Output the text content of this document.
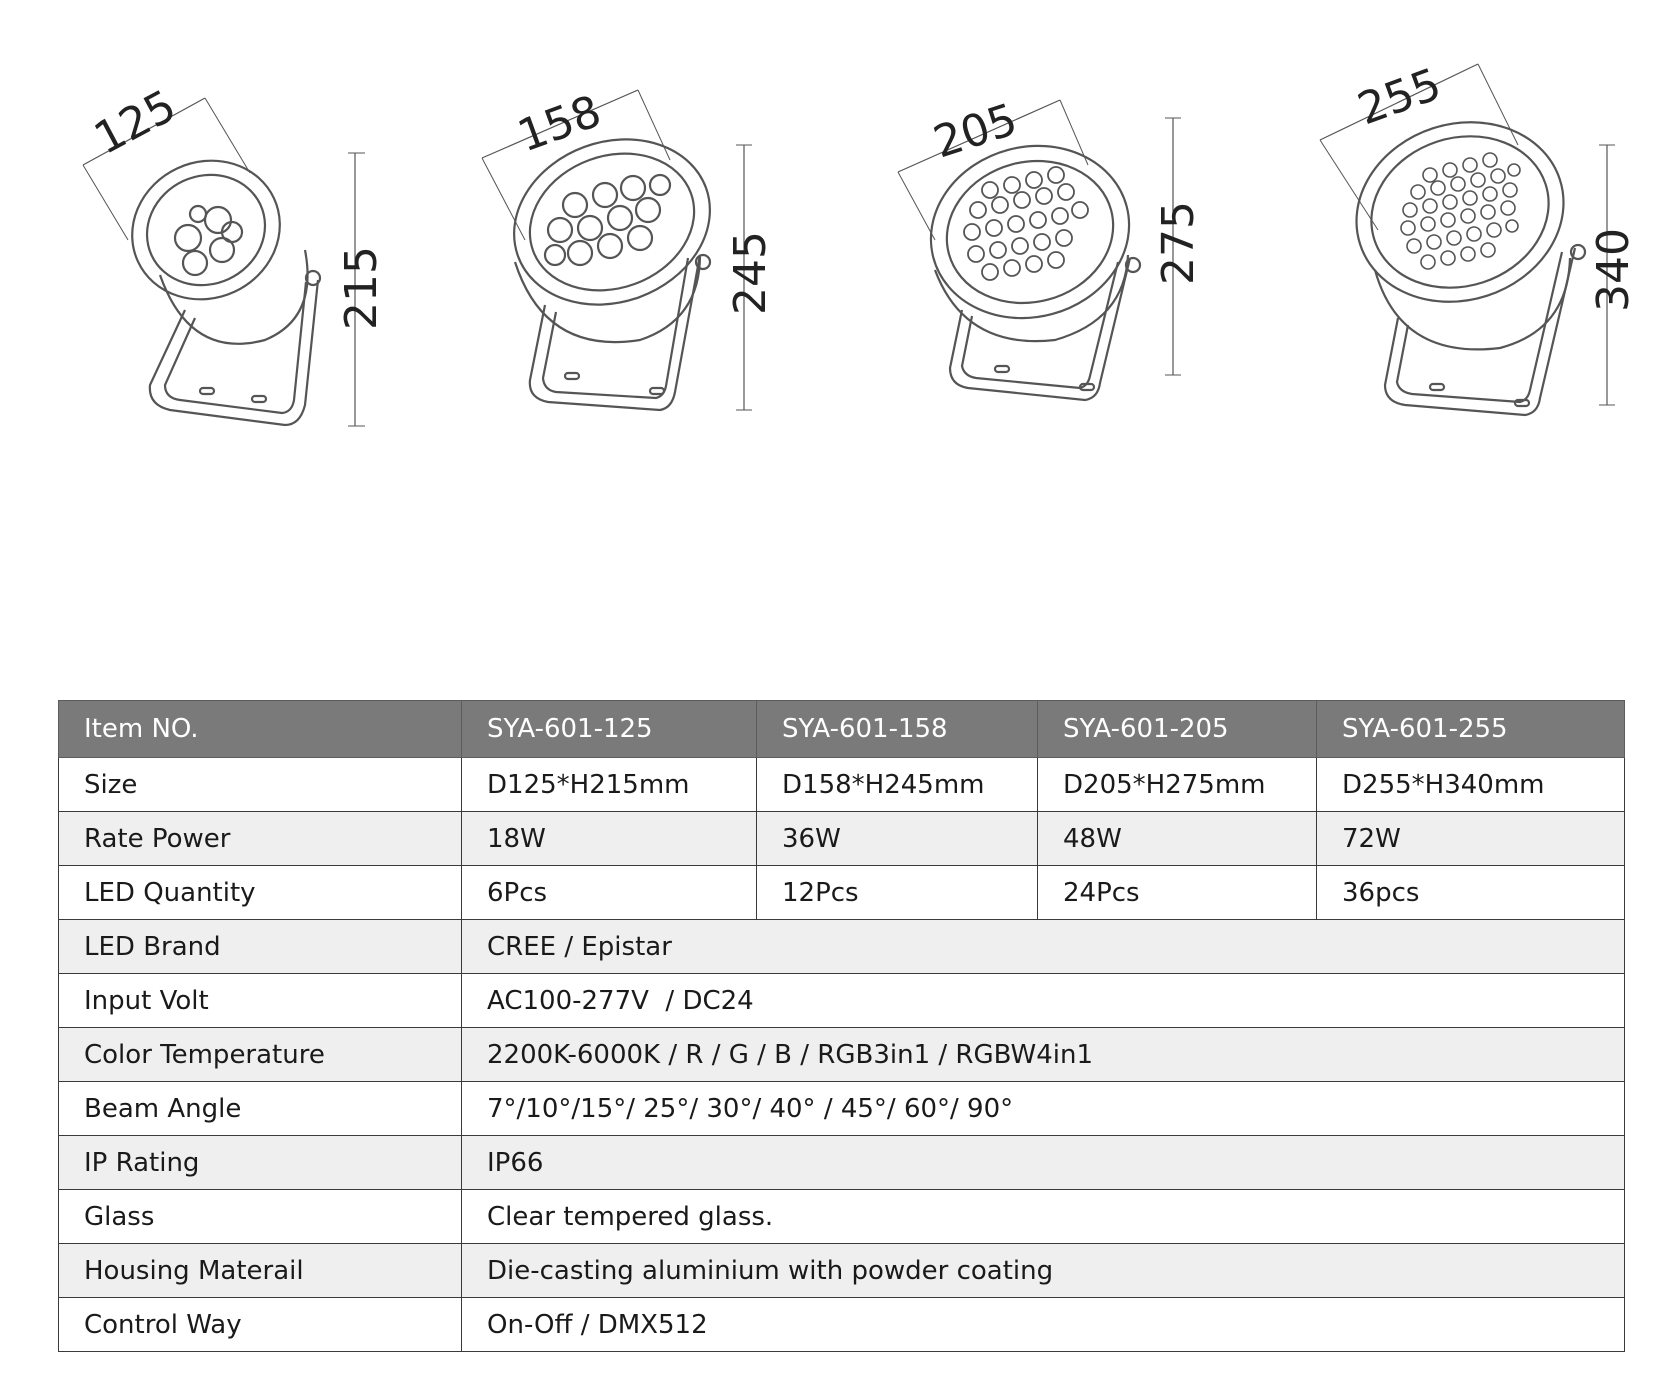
125
215
158
245
205
275
255
340
Item NO.	SYA-601-125	SYA-601-158	SYA-601-205	SYA-601-255
Size	D125*H215mm	D158*H245mm	D205*H275mm	D255*H340mm
Rate Power	18W	36W	48W	72W
LED Quantity	6Pcs	12Pcs	24Pcs	36pcs
LED Brand	CREE / Epistar			
Input Volt	AC100-277V  / DC24			
Color Temperature	2200K-6000K / R / G / B / RGB3in1 / RGBW4in1			
Beam Angle	7°/10°/15°/ 25°/ 30°/ 40° / 45°/ 60°/ 90°			
IP Rating	IP66			
Glass	Clear tempered glass.			
Housing Materail	Die-casting aluminium with powder coating			
Control Way	On-Off / DMX512			
